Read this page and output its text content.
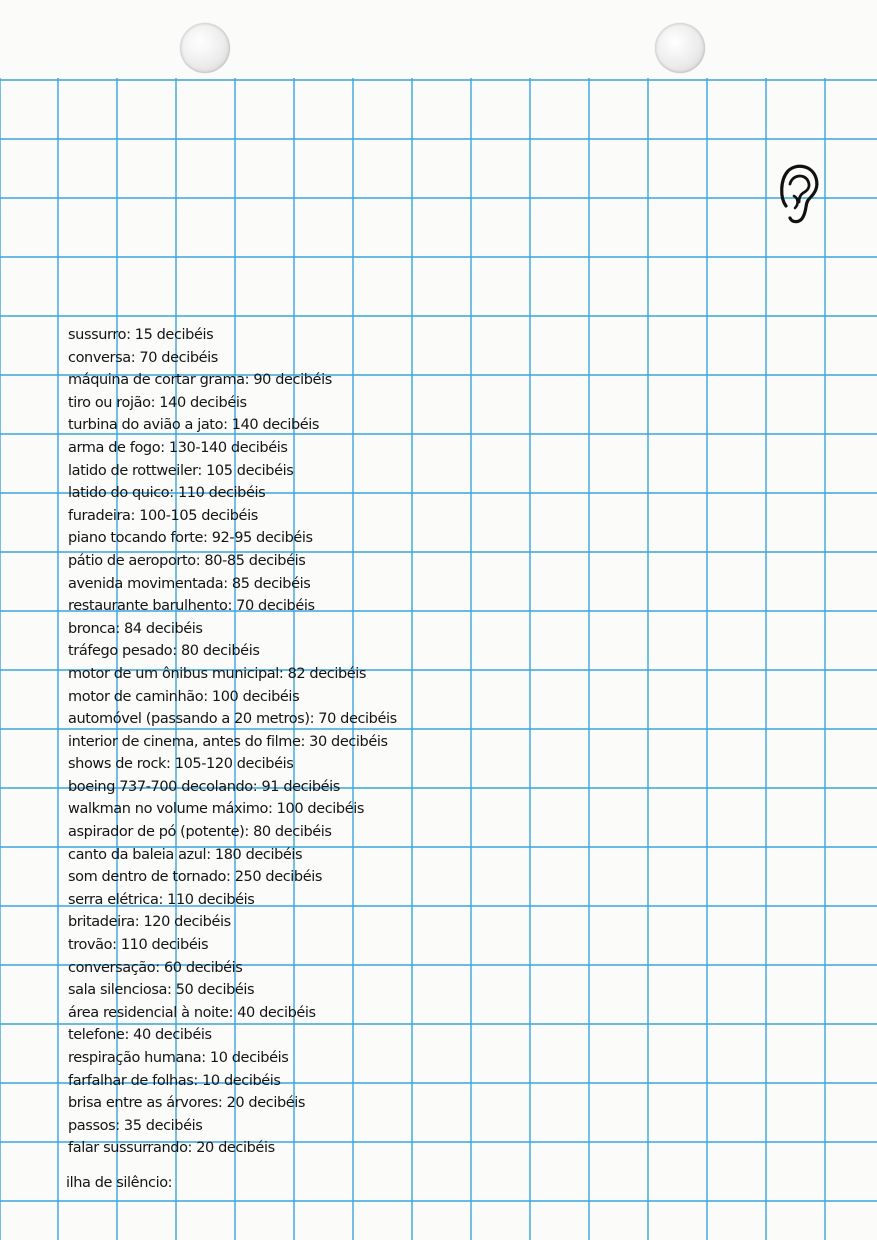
sussurro: 15 decibéis
conversa: 70 decibéis
máquina de cortar grama: 90 decibéis
tiro ou rojão: 140 decibéis
turbina do avião a jato: 140 decibéis
arma de fogo: 130-140 decibéis
latido de rottweiler: 105 decibéis
latido do quico: 110 decibéis
furadeira: 100-105 decibéis
piano tocando forte: 92-95 decibéis
pátio de aeroporto: 80-85 decibéis
avenida movimentada: 85 decibéis
restaurante barulhento: 70 decibéis
bronca: 84 decibéis
tráfego pesado: 80 decibéis
motor de um ônibus municipal: 82 decibéis
motor de caminhão: 100 decibéis
automóvel (passando a 20 metros): 70 decibéis
interior de cinema, antes do filme: 30 decibéis
shows de rock: 105-120 decibéis
boeing 737-700 decolando: 91 decibéis
walkman no volume máximo: 100 decibéis
aspirador de pó (potente): 80 decibéis
canto da baleia azul: 180 decibéis
som dentro de tornado: 250 decibéis
serra elétrica: 110 decibéis
britadeira: 120 decibéis
trovão: 110 decibéis
conversação: 60 decibéis
sala silenciosa: 50 decibéis
área residencial à noite: 40 decibéis
telefone: 40 decibéis
respiração humana: 10 decibéis
farfalhar de folhas: 10 decibéis
brisa entre as árvores: 20 decibéis
passos: 35 decibéis
falar sussurrando: 20 decibéis
ilha de silêncio:
